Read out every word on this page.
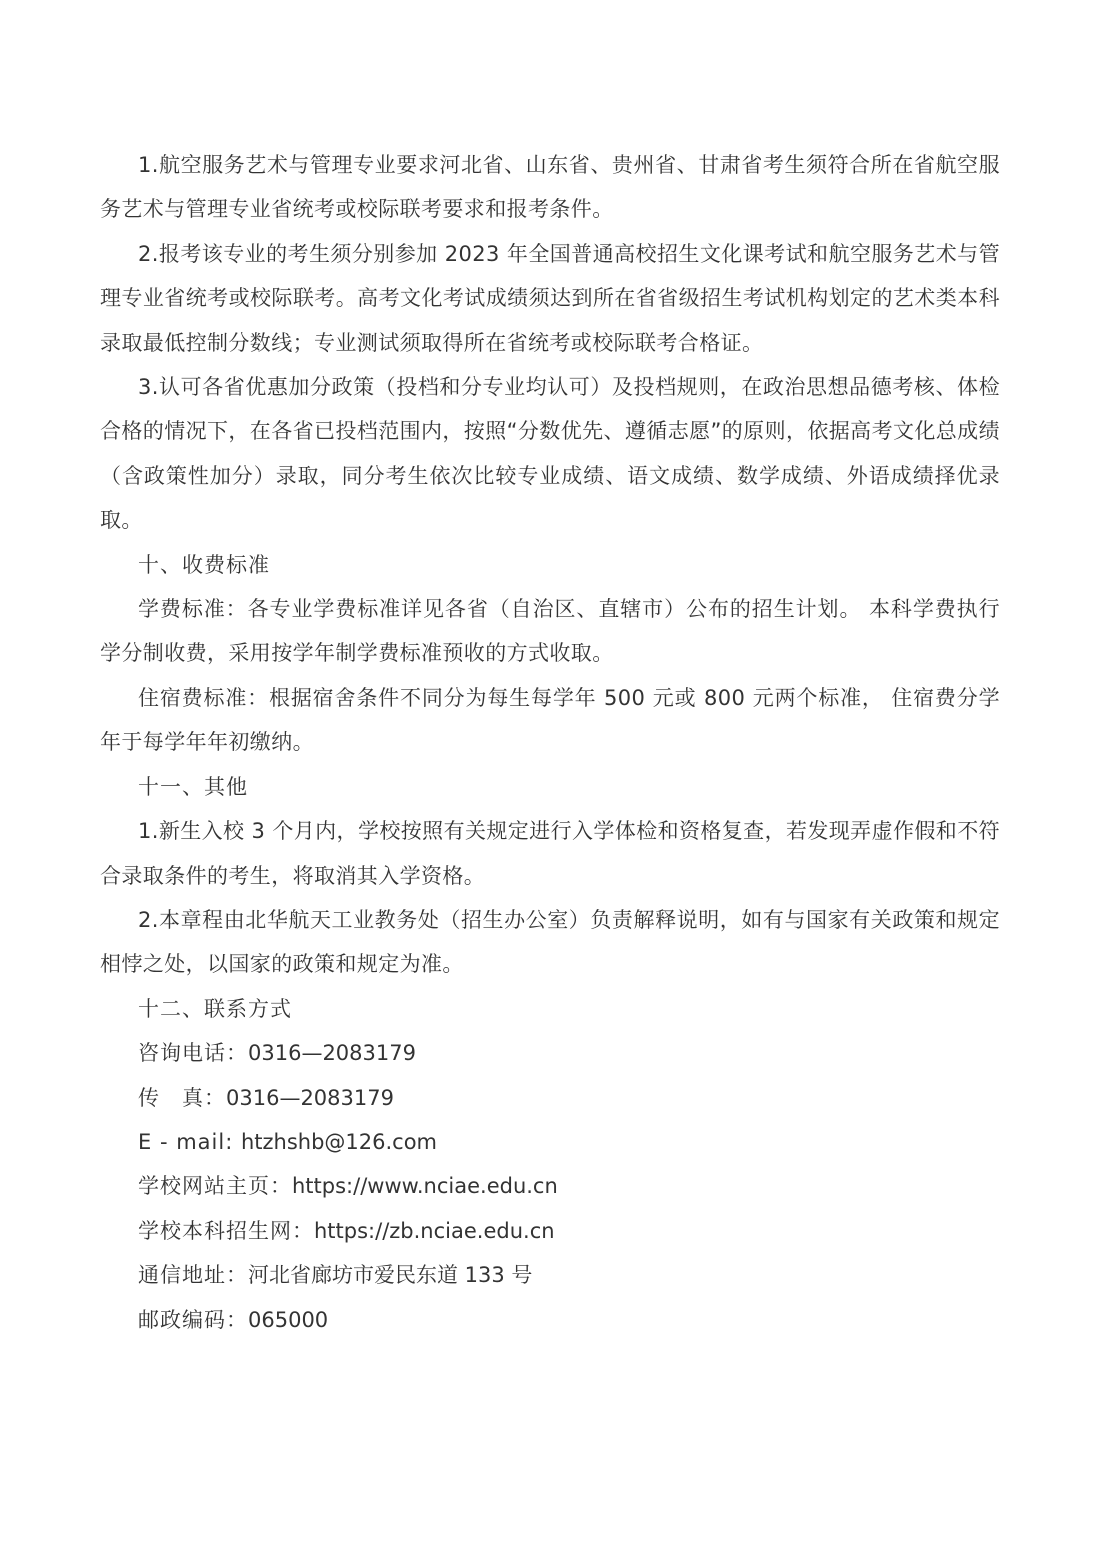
1.航空服务艺术与管理专业要求河北省、山东省、贵州省、甘肃省考生须符合所在省航空服务艺术与管理专业省统考或校际联考要求和报考条件。

2.报考该专业的考生须分别参加 2023 年全国普通高校招生文化课考试和航空服务艺术与管理专业省统考或校际联考。高考文化考试成绩须达到所在省省级招生考试机构划定的艺术类本科录取最低控制分数线；专业测试须取得所在省统考或校际联考合格证。

3.认可各省优惠加分政策（投档和分专业均认可）及投档规则，在政治思想品德考核、体检合格的情况下，在各省已投档范围内，按照“分数优先、遵循志愿”的原则，依据高考文化总成绩（含政策性加分）录取，同分考生依次比较专业成绩、语文成绩、数学成绩、外语成绩择优录取。

十、收费标准

学费标准：各专业学费标准详见各省（自治区、直辖市）公布的招生计划。 本科学费执行学分制收费，采用按学年制学费标准预收的方式收取。

住宿费标准：根据宿舍条件不同分为每生每学年 500 元或 800 元两个标准， 住宿费分学年于每学年年初缴纳。

十一、其他

1.新生入校 3 个月内，学校按照有关规定进行入学体检和资格复查，若发现弄虚作假和不符合录取条件的考生，将取消其入学资格。

2.本章程由北华航天工业教务处（招生办公室）负责解释说明，如有与国家有关政策和规定相悖之处，以国家的政策和规定为准。

十二、联系方式

咨询电话：0316—2083179
传　真：0316—2083179
E - mail: htzhshb@126.com
学校网站主页：https://www.nciae.edu.cn
学校本科招生网：https://zb.nciae.edu.cn
通信地址：河北省廊坊市爱民东道 133 号
邮政编码：065000
